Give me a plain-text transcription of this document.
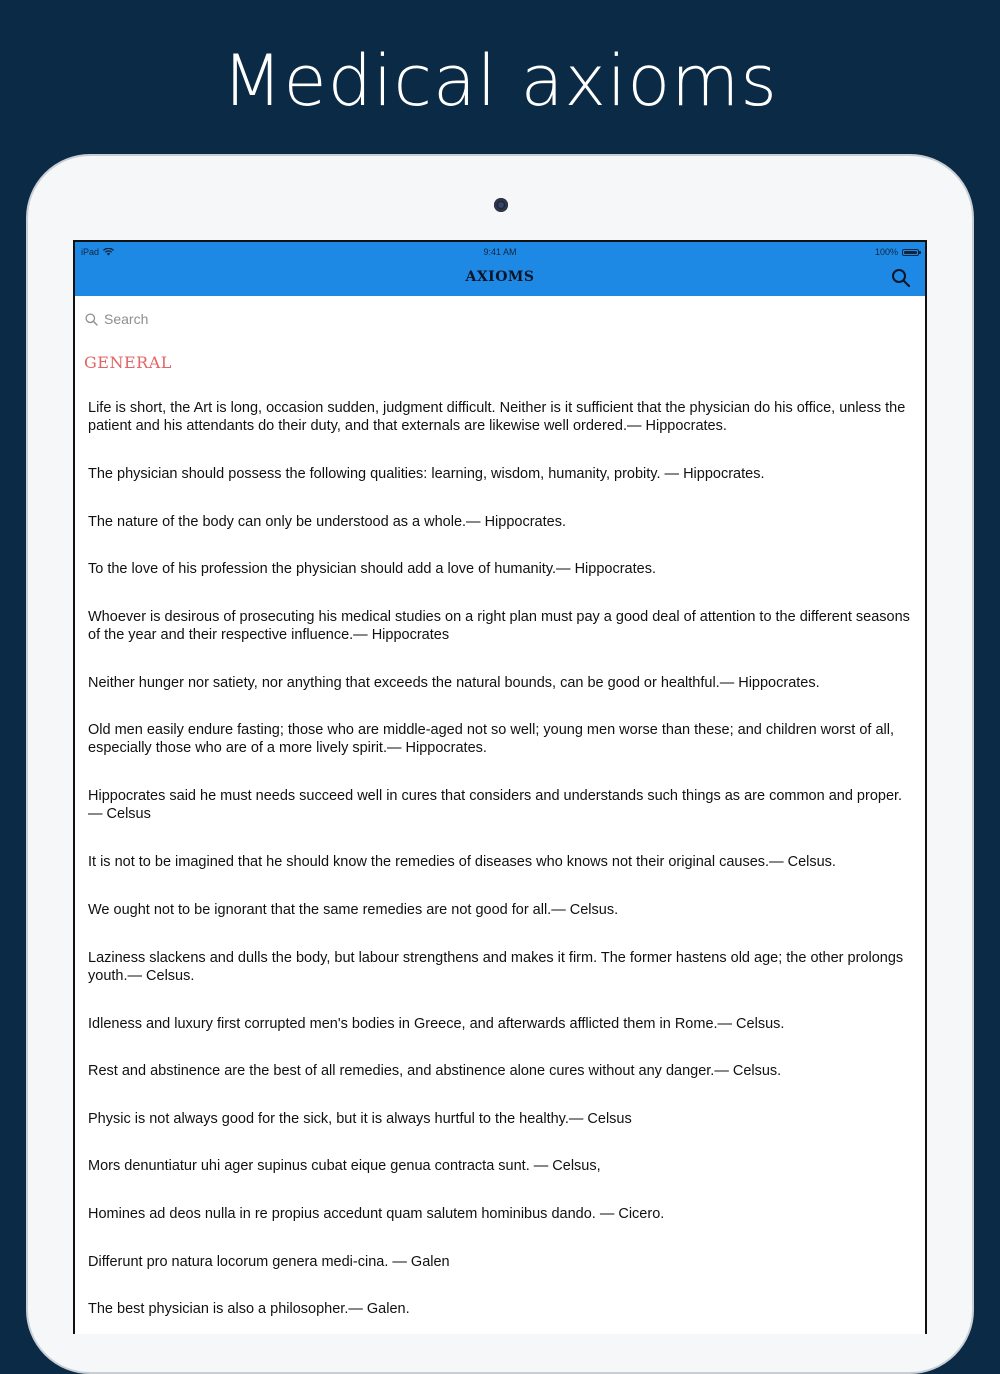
Medical axioms
iPad	9:41 AM	100%
AXIOMS
Search
GENERAL
Life is short, the Art is long, occasion sudden, judgment difficult. Neither is it sufficient that the physician do his office, unless the patient and his attendants do their duty, and that externals are likewise well ordered.— Hippocrates.
The physician should possess the following qualities: learning, wisdom, humanity, probity. — Hippocrates.
The nature of the body can only be understood as a whole.— Hippocrates.
To the love of his profession the physician should add a love of humanity.— Hippocrates.
Whoever is desirous of prosecuting his medical studies on a right plan must pay a good deal of attention to the different seasons of the year and their respective influence.— Hippocrates
Neither hunger nor satiety, nor anything that exceeds the natural bounds, can be good or healthful.— Hippocrates.
Old men easily endure fasting; those who are middle-aged not so well; young men worse than these; and children worst of all, especially those who are of a more lively spirit.— Hippocrates.
Hippocrates said he must needs succeed well in cures that considers and understands such things as are common and proper.— Celsus
It is not to be imagined that he should know the remedies of diseases who knows not their original causes.— Celsus.
We ought not to be ignorant that the same remedies are not good for all.— Celsus.
Laziness slackens and dulls the body, but labour strengthens and makes it firm. The former hastens old age; the other prolongs youth.— Celsus.
Idleness and luxury first corrupted men's bodies in Greece, and afterwards afflicted them in Rome.— Celsus.
Rest and abstinence are the best of all remedies, and abstinence alone cures without any danger.— Celsus.
Physic is not always good for the sick, but it is always hurtful to the healthy.— Celsus
Mors denuntiatur uhi ager supinus cubat eique genua contracta sunt. — Celsus,
Homines ad deos nulla in re propius accedunt quam salutem hominibus dando. — Cicero.
Differunt pro natura locorum genera medi-cina. — Galen
The best physician is also a philosopher.— Galen.
